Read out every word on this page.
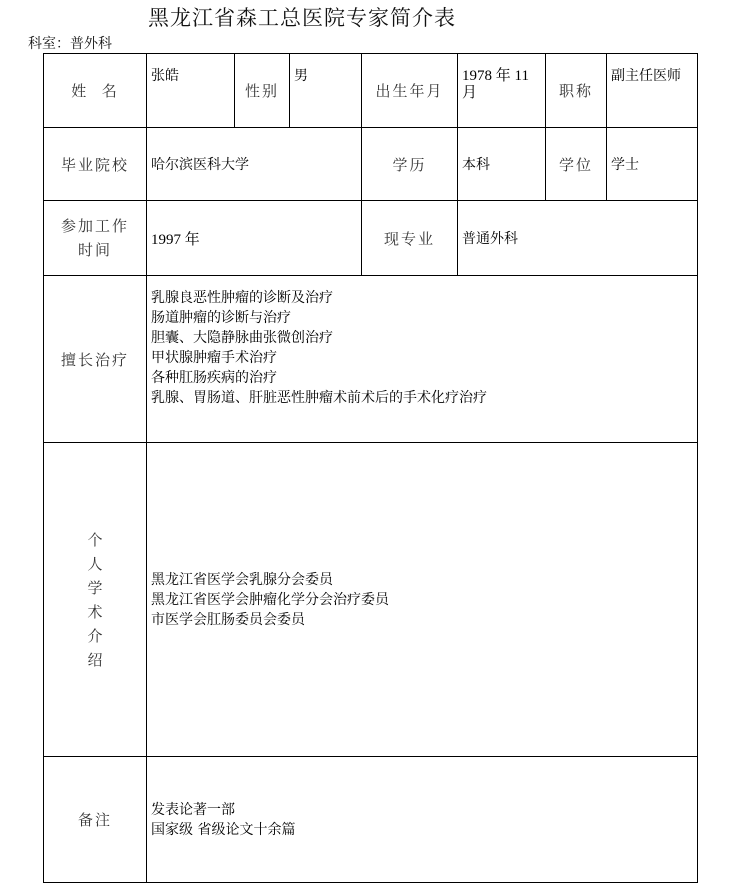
黑龙江省森工总医院专家简介表
科室：普外科
姓  名	张皓	性别	男	出生年月	1978 年 11 月	职称	副主任医师
毕业院校	哈尔滨医科大学			学历	本科	学位	学士
参加工作时间	1997 年			现专业	普通外科		
擅长治疗	
乳腺良恶性肿瘤的诊断及治疗
肠道肿瘤的诊断与治疗
胆囊、大隐静脉曲张微创治疗
甲状腺肿瘤手术治疗
各种肛肠疾病的治疗
乳腺、胃肠道、肝脏恶性肿瘤术前术后的手术化疗治疗

个人学术介绍	黑龙江省医学会乳腺分会委员
黑龙江省医学会肿瘤化学分会治疗委员
市医学会肛肠委员会委员						

备注	发表论著一部
国家级 省级论文十余篇						
